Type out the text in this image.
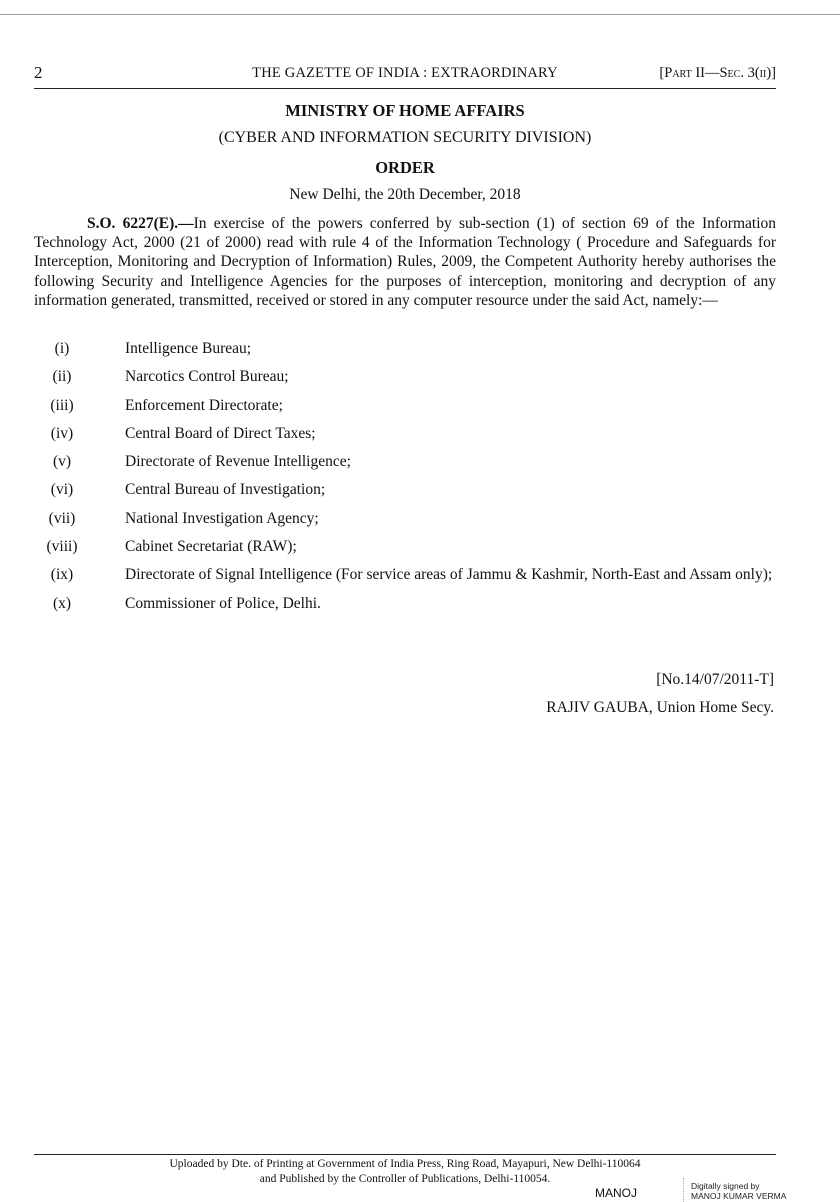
2	THE GAZETTE OF INDIA : EXTRAORDINARY	[Part II—Sec. 3(ii)]
MINISTRY OF HOME AFFAIRS
(CYBER AND INFORMATION SECURITY DIVISION)
ORDER
New Delhi, the 20th December, 2018

S.O. 6227(E).—In exercise of the powers conferred by sub-section (1) of section 69 of the Information Technology Act, 2000 (21 of 2000) read with rule 4 of the Information Technology ( Procedure and Safeguards for Interception, Monitoring and Decryption of Information) Rules, 2009, the Competent Authority hereby authorises the following Security and Intelligence Agencies for the purposes of interception, monitoring and decryption of any information generated, transmitted, received or stored in any computer resource under the said Act, namely:—

(i)	Intelligence Bureau;
(ii)	Narcotics Control Bureau;
(iii)	Enforcement Directorate;
(iv)	Central Board of Direct Taxes;
(v)	Directorate of Revenue Intelligence;
(vi)	Central Bureau of Investigation;
(vii)	National Investigation Agency;
(viii)	Cabinet Secretariat (RAW);
(ix)	Directorate of Signal Intelligence (For service areas of Jammu & Kashmir, North-East and Assam only);
(x)	Commissioner of Police, Delhi.
[No.14/07/2011-T]
RAJIV GAUBA, Union Home Secy.
Uploaded by Dte. of Printing at Government of India Press, Ring Road, Mayapuri, New Delhi-110064
and Published by the Controller of Publications, Delhi-110054.
MANOJ	Digitally signed by
MANOJ KUMAR VERMA
